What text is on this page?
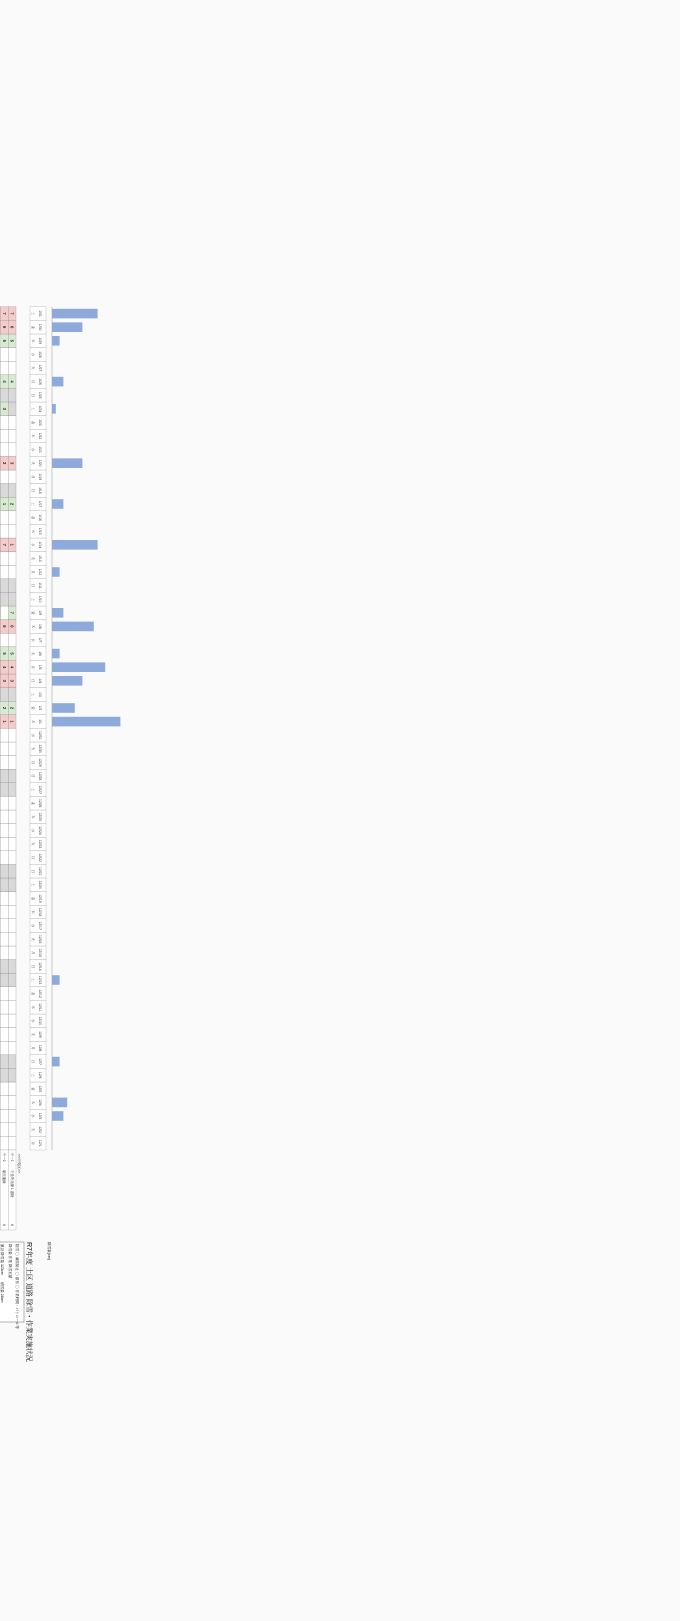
R7年度 土区 道路 除雪・作業実施状況
除雪 ◯ 凍結防止 ◯ 散布 ◯ 作業時間・パトロール等
降雪量 作業 降雪実績
累計 降雪量 123cm　　積雪量 28cm	降雪量(cm)
12/1
月
12/2
火
12/3
水
12/4
木
12/5
金
12/6
土
12/7
日
12/8
月
12/9
火
12/10
水
12/11
木
12/12
金
12/13
土
12/14
日
12/15
月
12/16
火
12/17
水
12/18
木
12/19
金
12/20
土
12/21
日
12/22
月
12/23
火
12/24
水
12/25
木
12/26
金
12/27
土
12/28
日
12/29
月
12/30
火
12/31
水
1/1
木
1/2
金
1/3
土
1/4
日
1/5
月
1/6
火
1/7
水
1/8
木
1/9
金
1/10
土
1/11
日
1/12
月
1/13
火
1/14
水
1/15
木
1/16
金
1/17
土
1/18
日
1/19
月
1/20
火
1/21
水
1/22
木
1/23
金
1/24
土
1/25
日
1/26
月
1/27
火
1/28
水
1/29
木
1/30
金
1/31
土
1
2
3
4
5
6
7
1
2
3
4
5
6
7
1
2
3
4
5
6
7
1
2
3
4
5
6
7
<<中央区>>
中ー1
市役所前線 1 道路
6
中ー2
駅前通線
6
